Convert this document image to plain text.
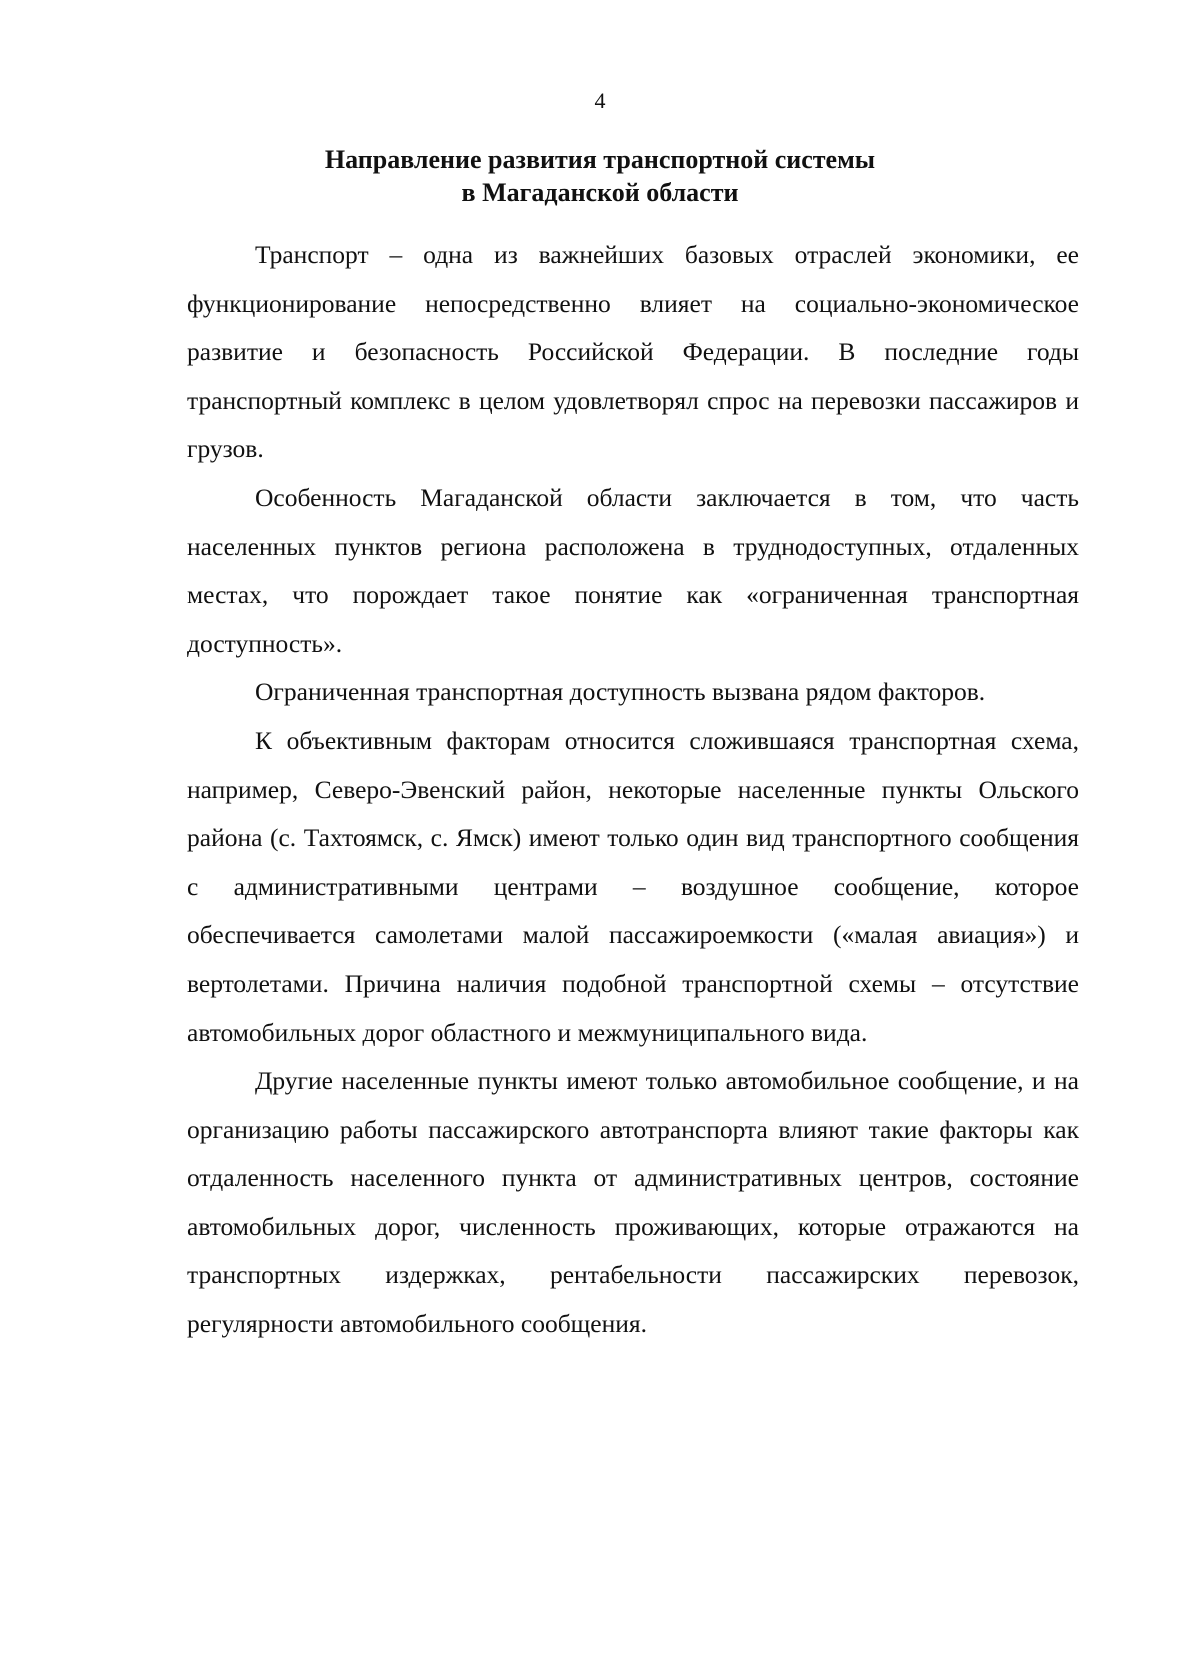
4
Направление развития транспортной системы
в Магаданской области

Транспорт – одна из важнейших базовых отраслей экономики, ее функционирование непосредственно влияет на социально-экономическое развитие и безопасность Российской Федерации. В последние годы транспортный комплекс в целом удовлетворял спрос на перевозки пассажиров и грузов.

Особенность Магаданской области заключается в том, что часть населенных пунктов региона расположена в труднодоступных, отдаленных местах, что порождает такое понятие как «ограниченная транспортная доступность».

Ограниченная транспортная доступность вызвана рядом факторов.

К объективным факторам относится сложившаяся транспортная схема, например, Северо-Эвенский район, некоторые населенные пункты Ольского района (с. Тахтоямск, с. Ямск) имеют только один вид транспортного сообщения с административными центрами – воздушное сообщение, которое обеспечивается самолетами малой пассажироемкости («малая авиация») и вертолетами. Причина наличия подобной транспортной схемы – отсутствие автомобильных дорог областного и межмуниципального вида.

Другие населенные пункты имеют только автомобильное сообщение, и на организацию работы пассажирского автотранспорта влияют такие факторы как отдаленность населенного пункта от административных центров, состояние автомобильных дорог, численность проживающих, которые отражаются на транспортных издержках, рентабельности пассажирских перевозок, регулярности автомобильного сообщения.
